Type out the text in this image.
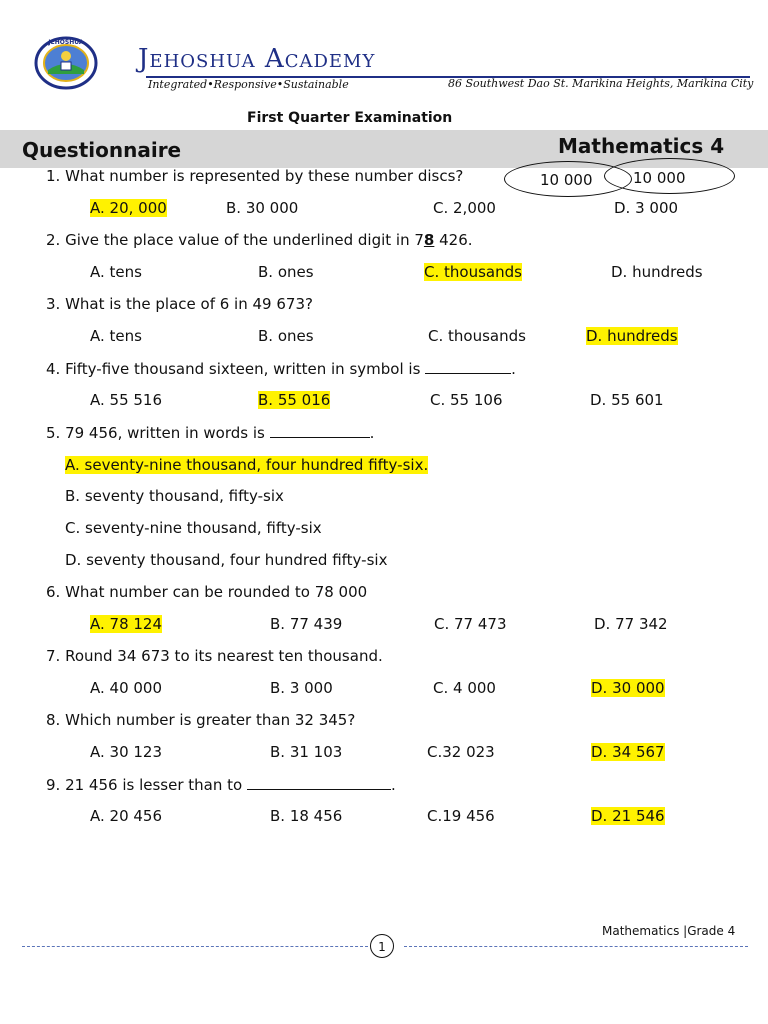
JEHOSHUA
Jehoshua Academy
Integrated•Responsive•Sustainable	86 Southwest Dao St. Marikina Heights, Marikina City
First Quarter Examination
Questionnaire	Mathematics 4
10 000	10 000
1. What number is represented by these number discs?
A. 20, 000	B. 30 000	C. 2,000	D. 3 000
2. Give the place value of the underlined digit in 78 426.
A. tens	B. ones	C. thousands	D. hundreds
3. What is the place of 6 in 49 673?
A. tens	B. ones	C. thousands	D. hundreds
4. Fifty-five thousand sixteen, written in symbol is	.
A. 55 516	B. 55 016	C. 55 106	D. 55 601
5. 79 456, written in words is	.
A. seventy-nine thousand, four hundred fifty-six.
B. seventy thousand, fifty-six
C. seventy-nine thousand, fifty-six
D. seventy thousand, four hundred fifty-six
6. What number can be rounded to 78 000
A. 78 124	B. 77 439	C. 77 473	D. 77 342
7. Round 34 673 to its nearest ten thousand.
A. 40 000	B. 3 000	C. 4 000	D. 30 000
8. Which number is greater than 32 345?
A. 30 123	B. 31 103	C.32 023	D. 34 567
9. 21 456 is lesser than to	.
A. 20 456	B. 18 456	C.19 456	D. 21 546
Mathematics |Grade 4
1
